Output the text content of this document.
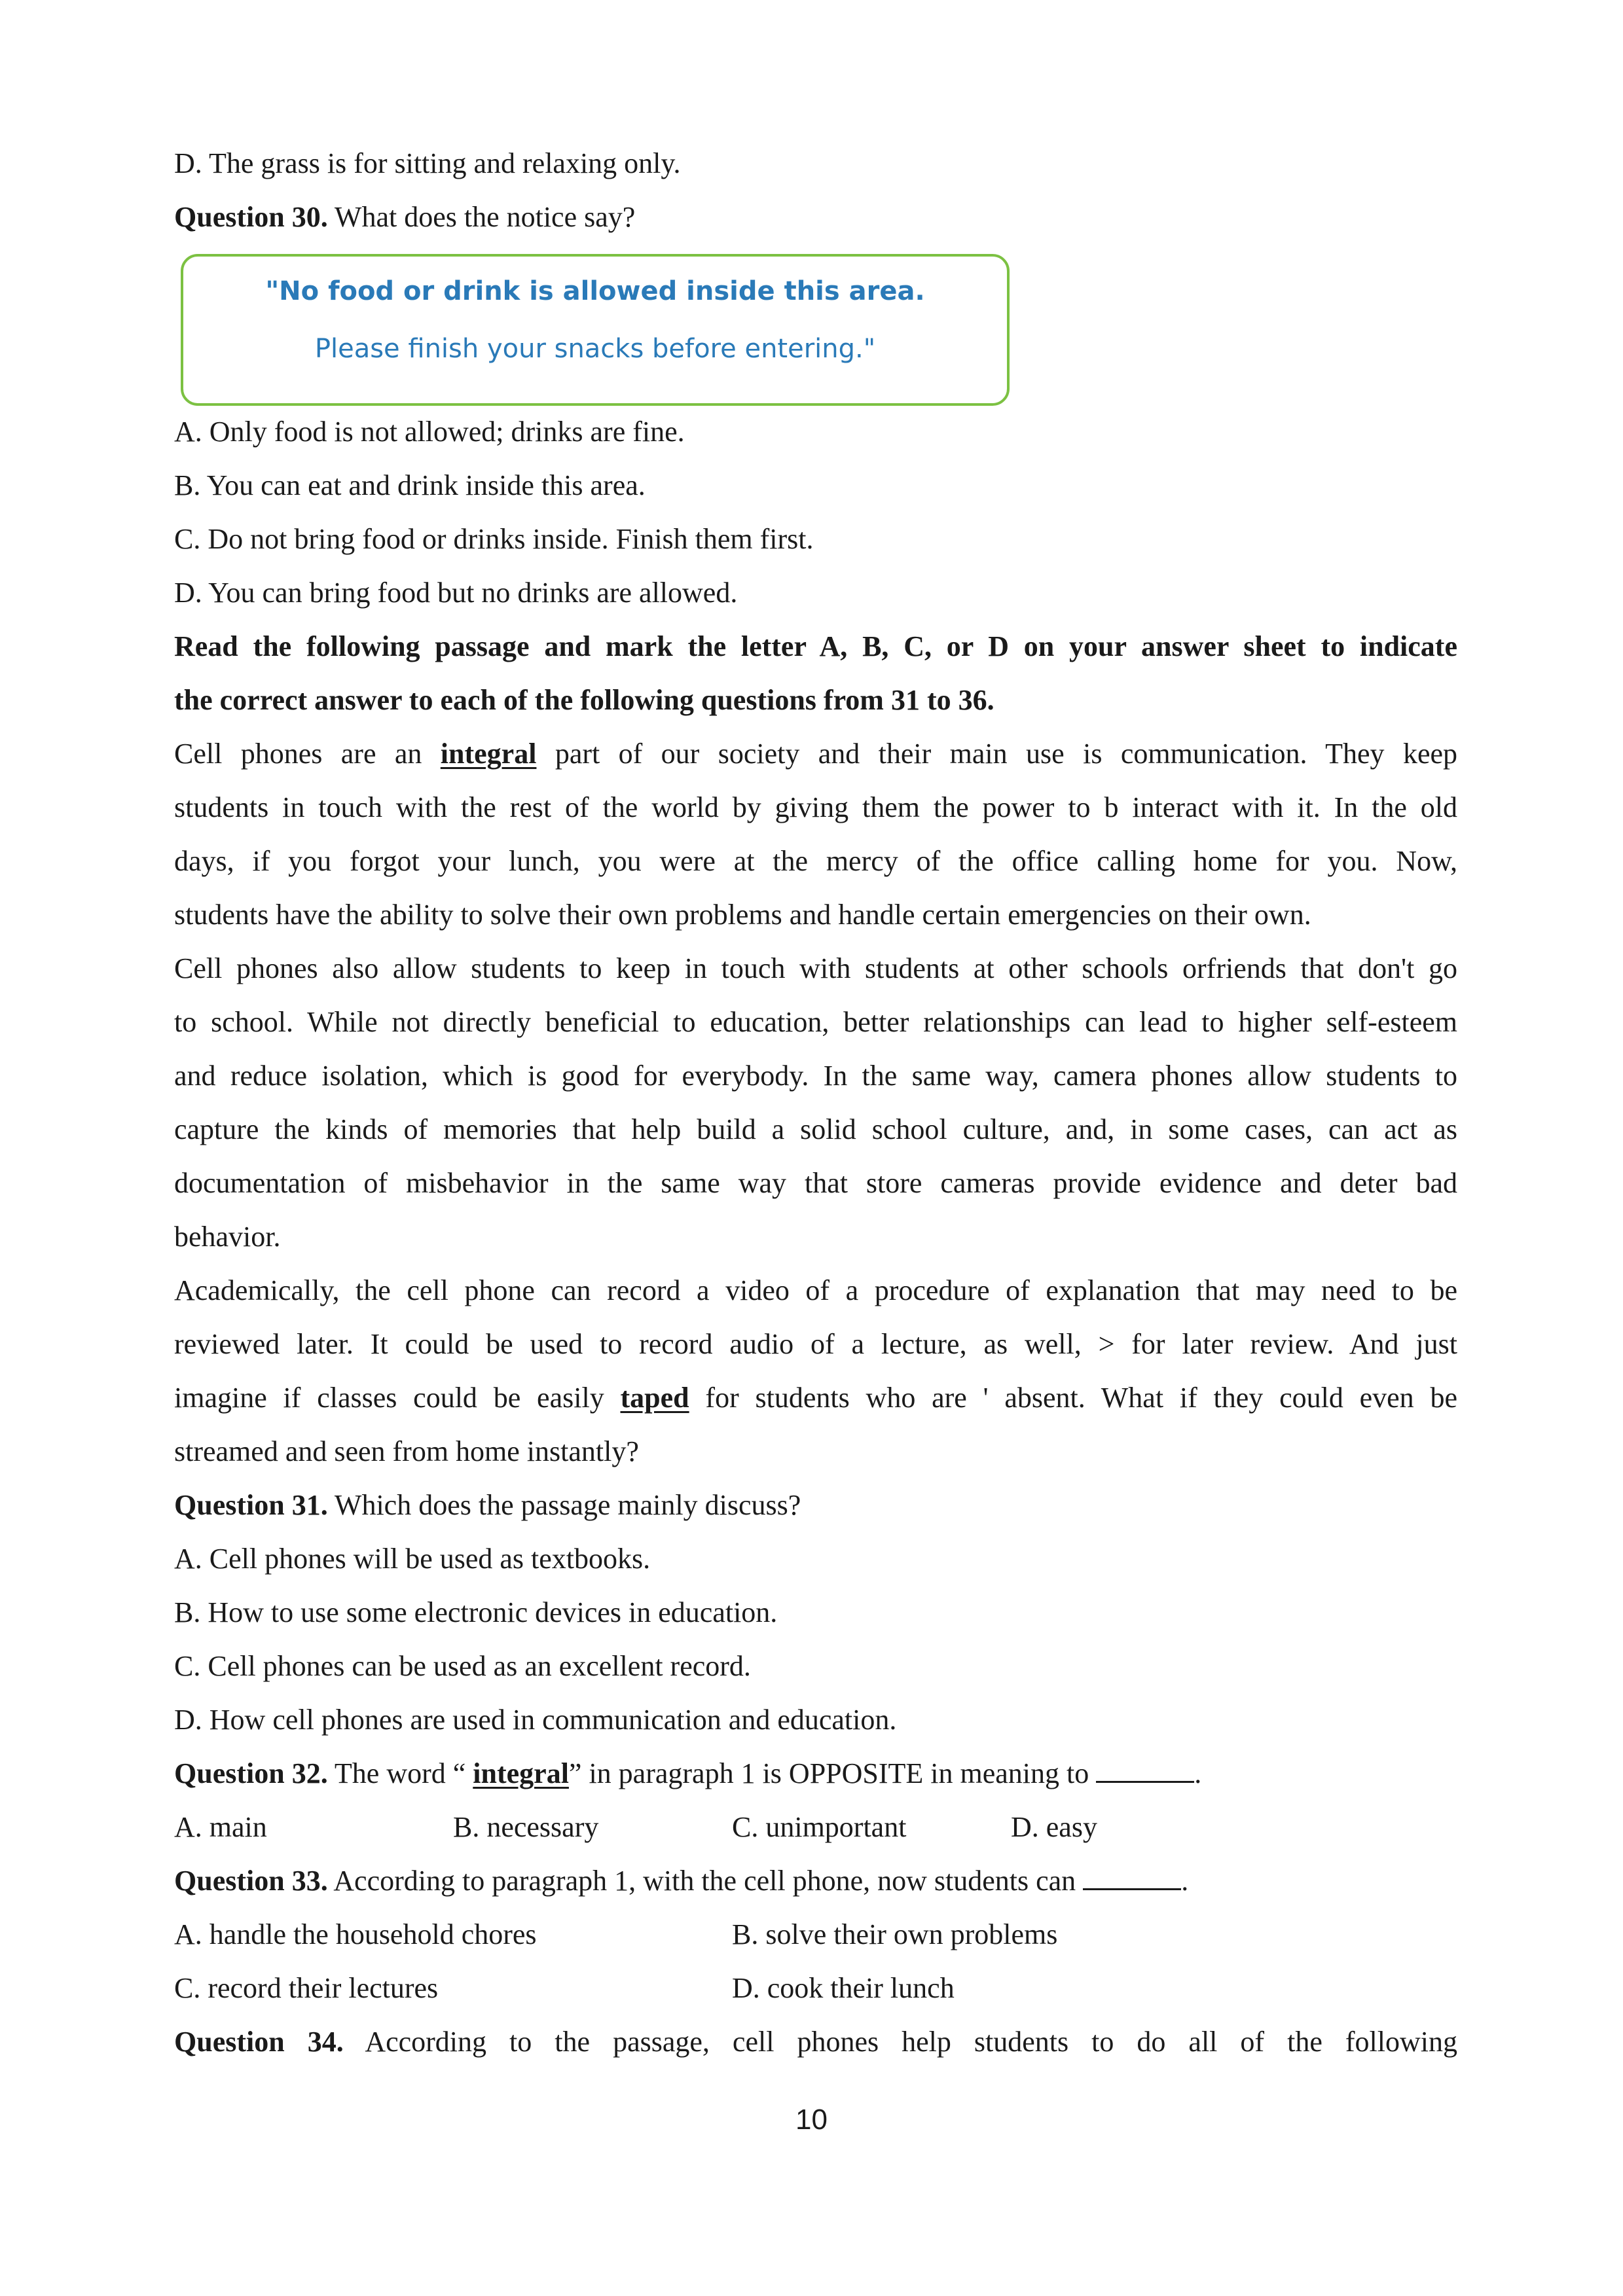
D. The grass is for sitting and relaxing only.
Question 30. What does the notice say?
"No food or drink is allowed inside this area.
Please finish your snacks before entering."
A. Only food is not allowed; drinks are fine.
B. You can eat and drink inside this area.
C. Do not bring food or drinks inside. Finish them first.
D. You can bring food but no drinks are allowed.
Read the following passage and mark the letter A, B, C, or D on your answer sheet to indicate
the correct answer to each of the following questions from 31 to 36.
Cell phones are an integral part of our society and their main use is communication. They keep
students in touch with the rest of the world by giving them the power to b interact with it. In the old
days, if you forgot your lunch, you were at the mercy of the office calling home for you. Now,
students have the ability to solve their own problems and handle certain emergencies on their own.
Cell phones also allow students to keep in touch with students at other schools orfriends that don't go
to school. While not directly beneficial to education, better relationships can lead to higher self-esteem
and reduce isolation, which is good for everybody. In the same way, camera phones allow students to
capture the kinds of memories that help build a solid school culture, and, in some cases, can act as
documentation of misbehavior in the same way that store cameras provide evidence and deter bad
behavior.
Academically, the cell phone can record a video of a procedure of explanation that may need to be
reviewed later. It could be used to record audio of a lecture, as well, > for later review. And just
imagine if classes could be easily taped for students who are ' absent. What if they could even be
streamed and seen from home instantly?
Question 31. Which does the passage mainly discuss?
A. Cell phones will be used as textbooks.
B. How to use some electronic devices in education.
C. Cell phones can be used as an excellent record.
D. How cell phones are used in communication and education.
Question 32. The word “ integral” in paragraph 1 is OPPOSITE in meaning to	.
A. main	B. necessary	C. unimportant	D. easy
Question 33. According to paragraph 1, with the cell phone, now students can	.
A. handle the household chores	B. solve their own problems
C. record their lectures	D. cook their lunch
Question 34. According to the passage, cell phones help students to do all of the following
10
